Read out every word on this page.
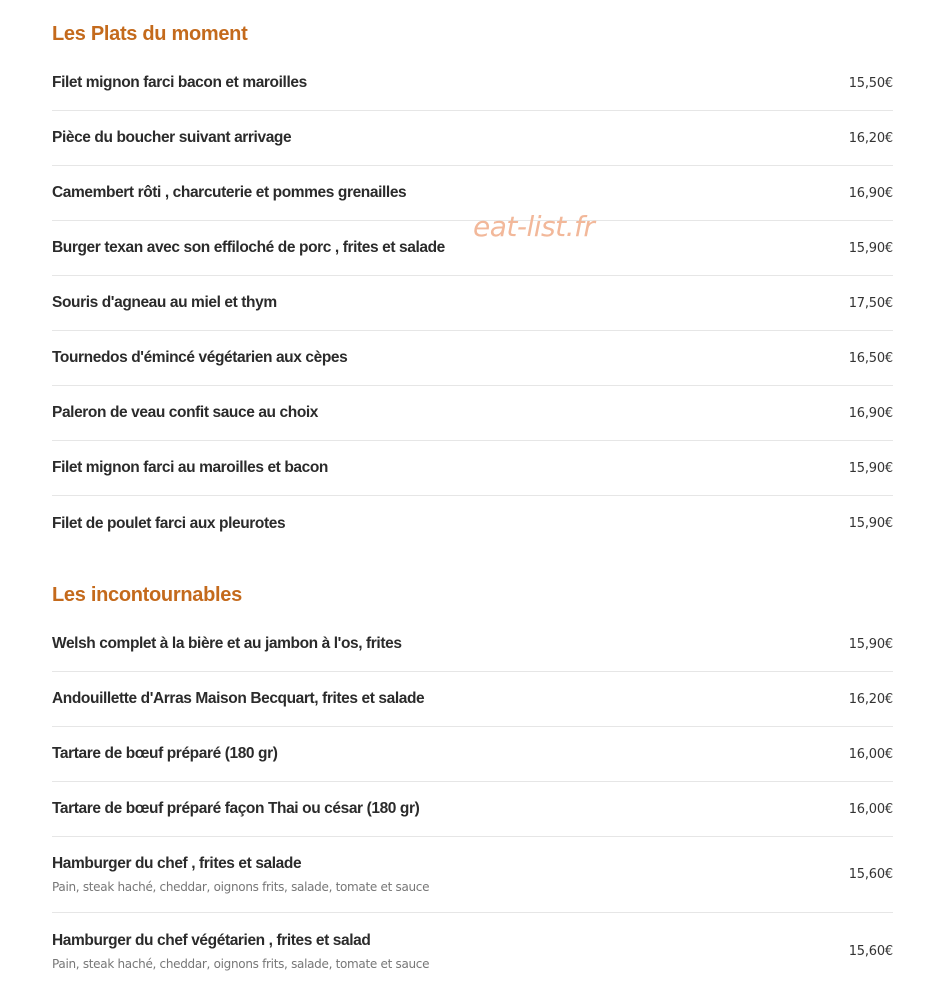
Les Plats du moment
Filet mignon farci bacon et maroilles	15,50€
Pièce du boucher suivant arrivage	16,20€
Camembert rôti , charcuterie et pommes grenailles	16,90€
Burger texan avec son effiloché de porc , frites et salade	15,90€
Souris d'agneau au miel et thym	17,50€
Tournedos d'émincé végétarien aux cèpes	16,50€
Paleron de veau confit sauce au choix	16,90€
Filet mignon farci au maroilles et bacon	15,90€
Filet de poulet farci aux pleurotes	15,90€
Les incontournables
Welsh complet à la bière et au jambon à l'os, frites	15,90€
Andouillette d'Arras Maison Becquart, frites et salade	16,20€
Tartare de bœuf préparé (180 gr)	16,00€
Tartare de bœuf préparé façon Thai ou césar (180 gr)	16,00€
Hamburger du chef , frites et salade
Pain, steak haché, cheddar, oignons frits, salade, tomate et sauce
15,60€
Hamburger du chef végétarien , frites et salad
Pain, steak haché, cheddar, oignons frits, salade, tomate et sauce
15,60€
eat-list.fr
